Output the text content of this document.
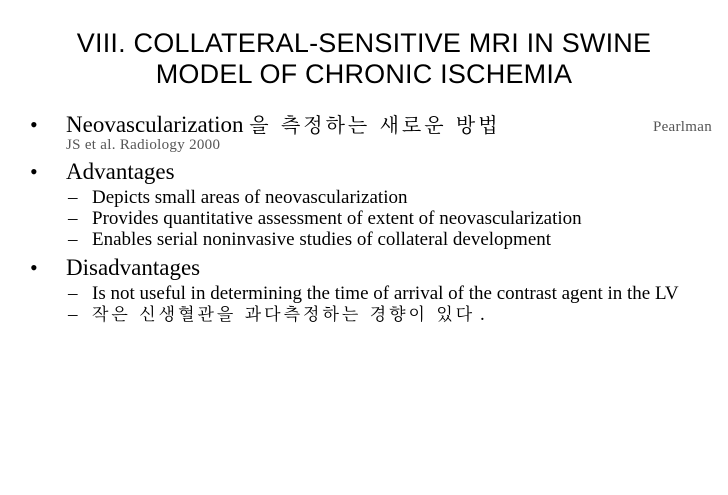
VIII. COLLATERAL-SENSITIVE MRI IN SWINE
MODEL OF CHRONIC ISCHEMIA
• Neovascularization 을 측정하는 새로운 방법	Pearlman
JS et al. Radiology 2000
• Advantages
– Depicts small areas of neovascularization
– Provides quantitative assessment of extent of neovascularization
– Enables serial noninvasive studies of collateral development
• Disadvantages
– Is not useful in determining the time of arrival of the contrast agent in the LV
– 작은 신생혈관을 과다측정하는 경향이 있다 .
